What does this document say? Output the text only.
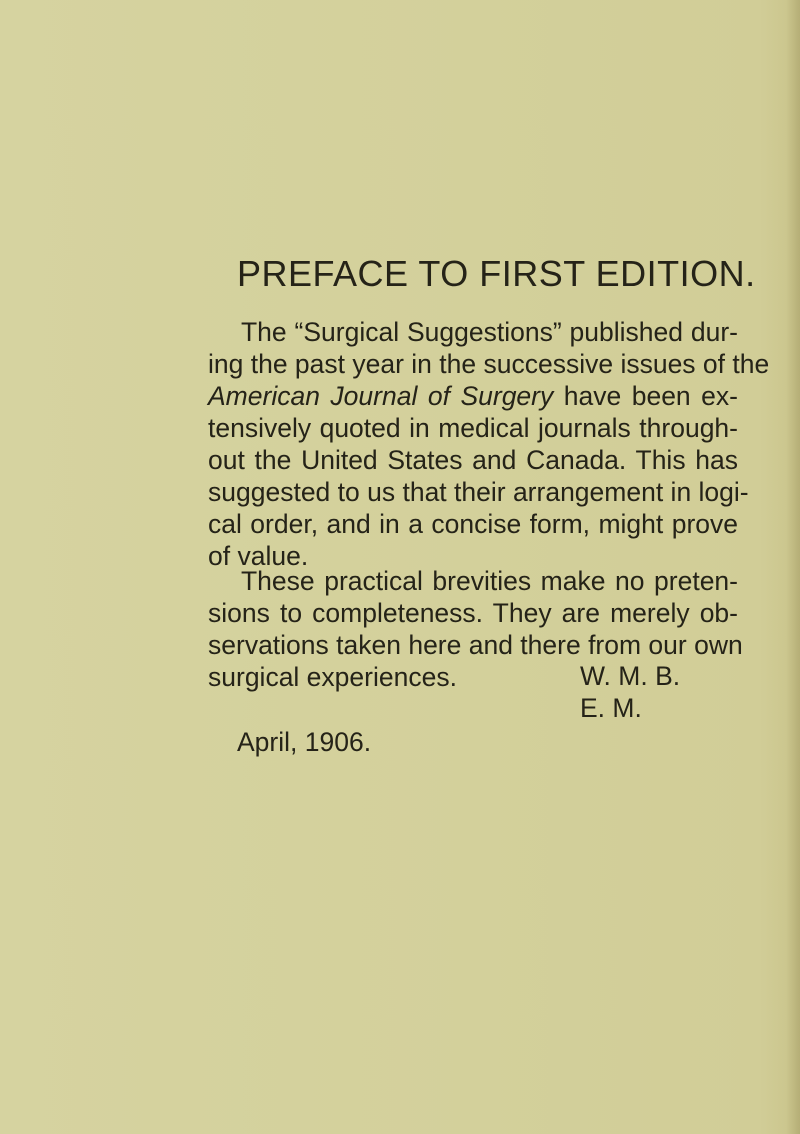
PREFACE TO FIRST EDITION.
The “Surgical Suggestions” published dur-
ing the past year in the successive issues of the
American Journal of Surgery have been ex-
tensively quoted in medical journals through-
out the United States and Canada. This has
suggested to us that their arrangement in logi-
cal order, and in a concise form, might prove
of value.
These practical brevities make no preten-
sions to completeness. They are merely ob-
servations taken here and there from our own
surgical experiences.	W. M. B.
E. M.
April, 1906.
